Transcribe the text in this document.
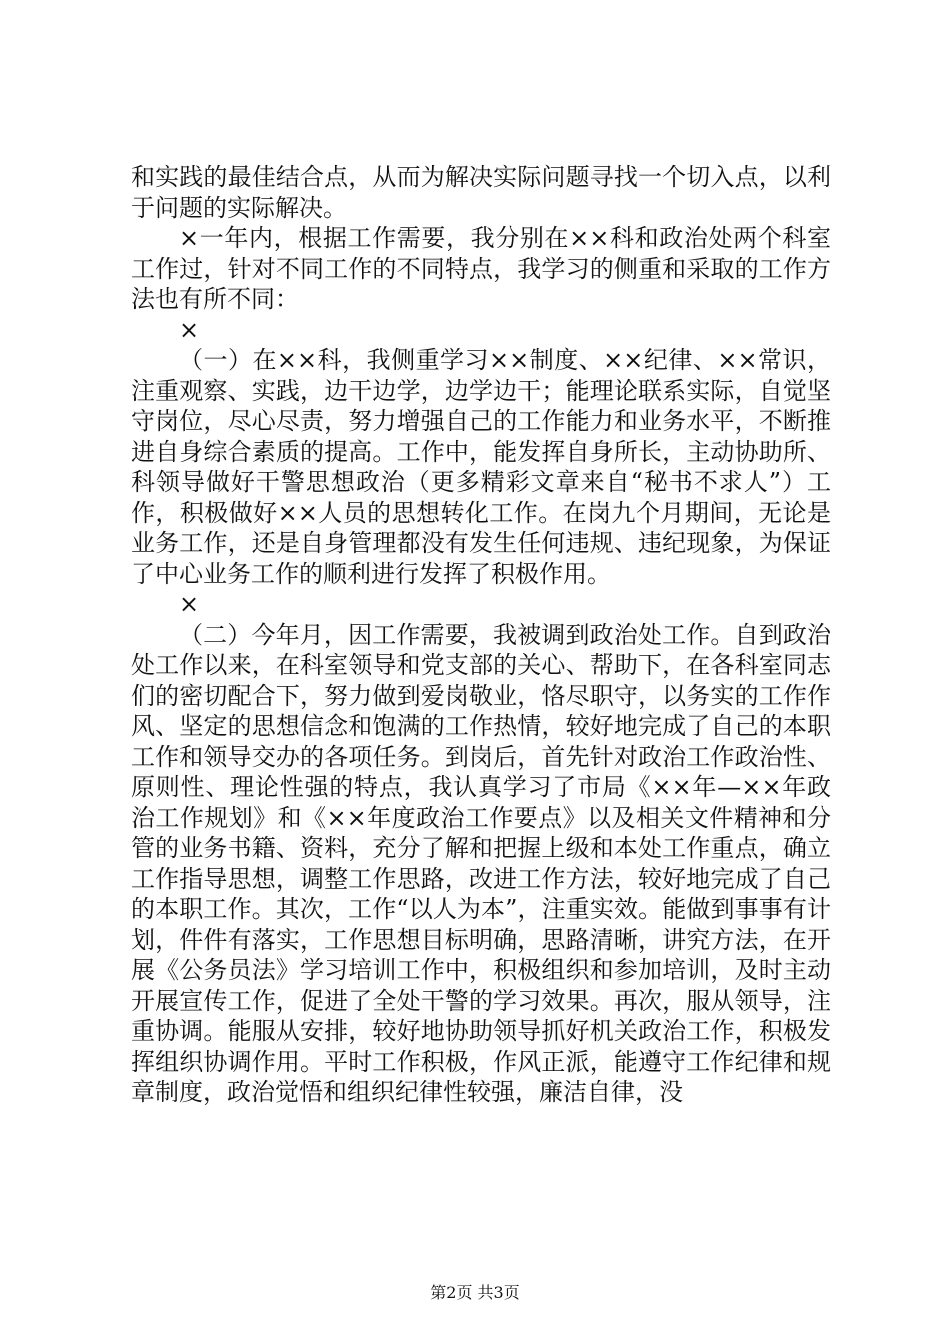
和实践的最佳结合点，从而为解决实际问题寻找一个切入点，以利于问题的实际解决。

×一年内，根据工作需要，我分别在××科和政治处两个科室工作过，针对不同工作的不同特点，我学习的侧重和采取的工作方法也有所不同：

×

（一）在××科，我侧重学习××制度、××纪律、××常识，注重观察、实践，边干边学，边学边干；能理论联系实际，自觉坚守岗位，尽心尽责，努力增强自己的工作能力和业务水平，不断推进自身综合素质的提高。工作中，能发挥自身所长，主动协助所、科领导做好干警思想政治（更多精彩文章来自“秘书不求人”）工作，积极做好××人员的思想转化工作。在岗九个月期间，无论是业务工作，还是自身管理都没有发生任何违规、违纪现象，为保证了中心业务工作的顺利进行发挥了积极作用。

×

（二）今年月，因工作需要，我被调到政治处工作。自到政治处工作以来，在科室领导和党支部的关心、帮助下，在各科室同志们的密切配合下，努力做到爱岗敬业，恪尽职守，以务实的工作作风、坚定的思想信念和饱满的工作热情，较好地完成了自己的本职工作和领导交办的各项任务。到岗后，首先针对政治工作政治性、原则性、理论性强的特点，我认真学习了市局《××年—××年政治工作规划》和《××年度政治工作要点》以及相关文件精神和分管的业务书籍、资料，充分了解和把握上级和本处工作重点，确立工作指导思想，调整工作思路，改进工作方法，较好地完成了自己的本职工作。其次，工作“以人为本”，注重实效。能做到事事有计划，件件有落实，工作思想目标明确，思路清晰，讲究方法，在开展《公务员法》学习培训工作中，积极组织和参加培训，及时主动开展宣传工作，促进了全处干警的学习效果。再次，服从领导，注重协调。能服从安排，较好地协助领导抓好机关政治工作，积极发挥组织协调作用。平时工作积极，作风正派，能遵守工作纪律和规章制度，政治觉悟和组织纪律性较强，廉洁自律，没

第2页 共3页
